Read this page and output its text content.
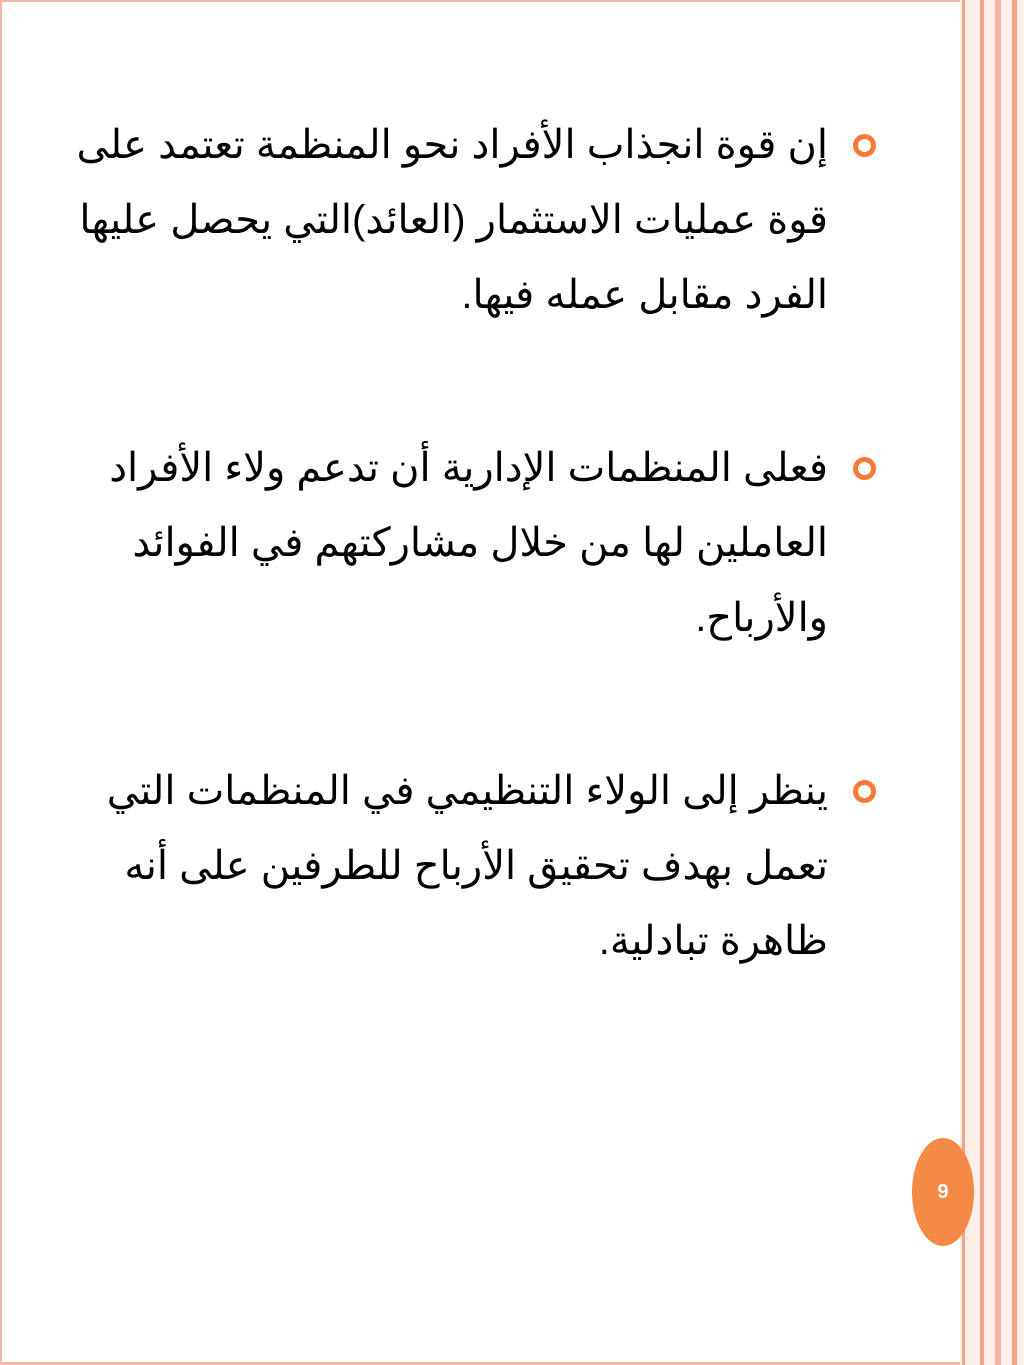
إن قوة انجذاب الأفراد نحو المنظمة تعتمد على قوة عمليات الاستثمار (العائد)التي يحصل عليها الفرد مقابل عمله فيها.
فعلى المنظمات الإدارية أن تدعم ولاء الأفراد العاملين لها من خلال مشاركتهم في الفوائد والأرباح.
ينظر إلى الولاء التنظيمي في المنظمات التي تعمل بهدف تحقيق الأرباح للطرفين على أنه ظاهرة تبادلية.
9
